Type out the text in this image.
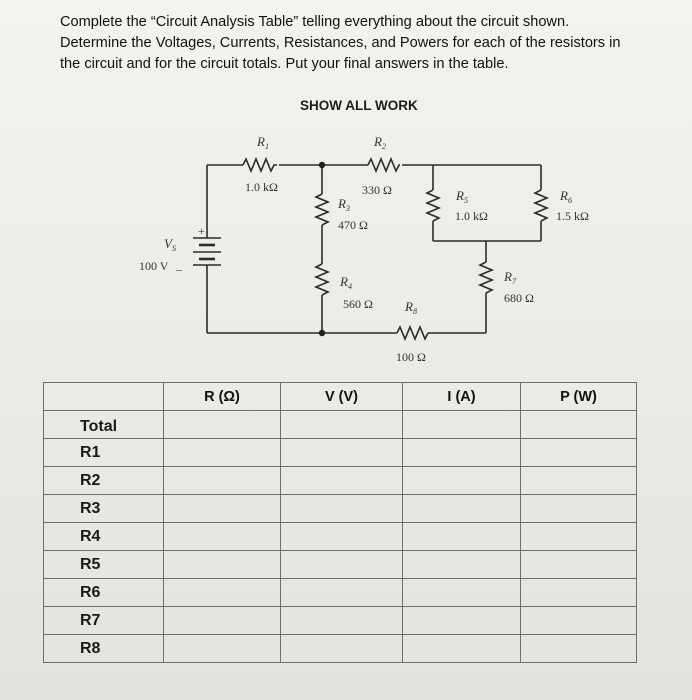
Complete the “Circuit Analysis Table” telling everything about the circuit shown.

Determine the Voltages, Currents, Resistances, and Powers for each of the resistors in

the circuit and for the circuit totals. Put your final answers in the table.

SHOW ALL WORK
+
–
$V_S$
100 V
$R_1$
1.0 kΩ
$R_2$
330 Ω
$R_3$
470 Ω
$R_4$
560 Ω $R_8$
100 Ω
$R_5$
1.0 kΩ
$R_6$
1.5 kΩ
$R_7$
680 Ω
	R (Ω)	V (V)	I (A)	P (W)
Total				
R1				
R2				
R3				
R4				
R5				
R6				
R7				
R8				
